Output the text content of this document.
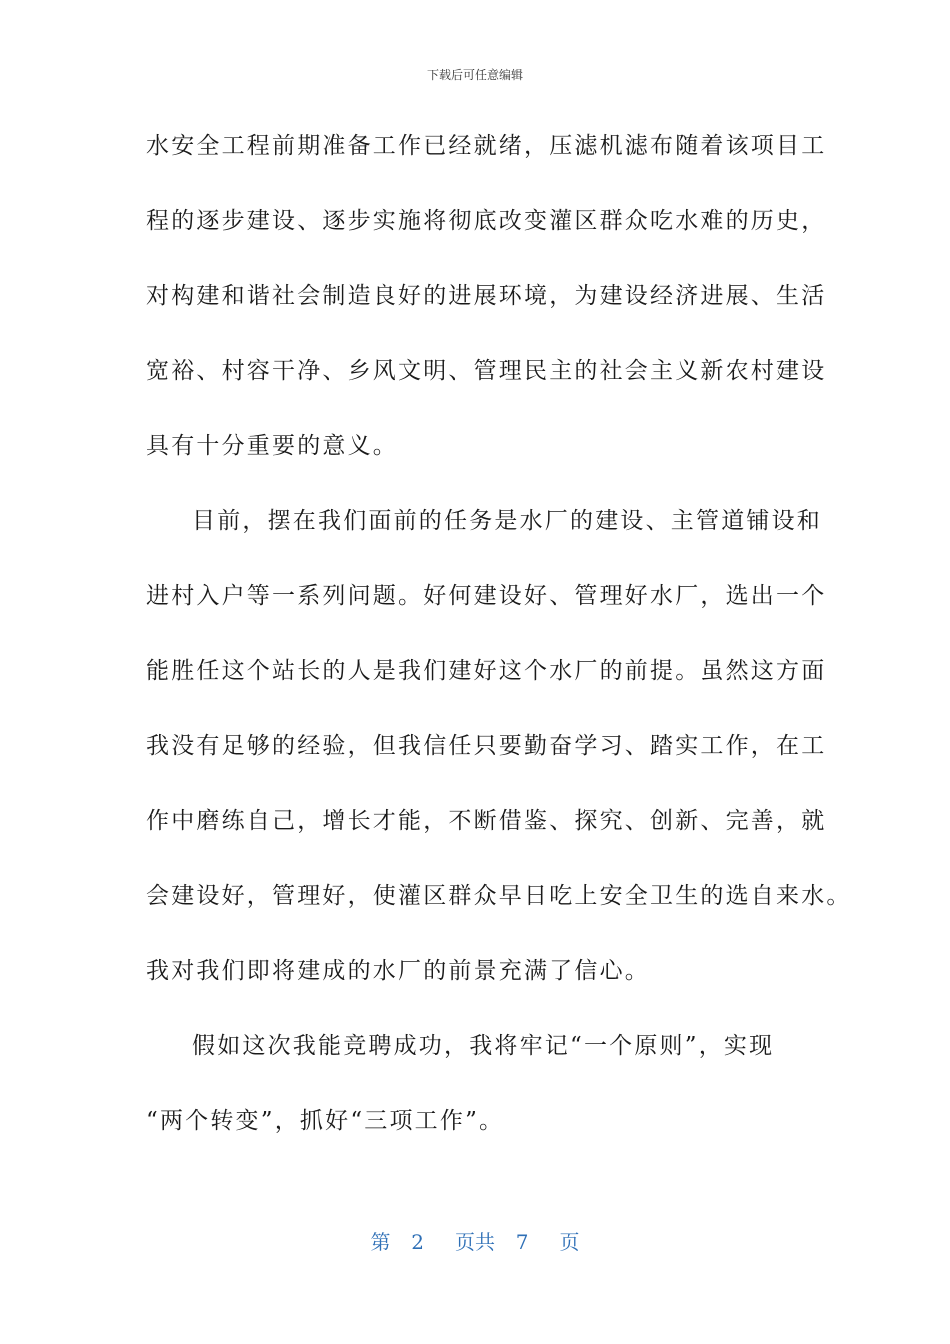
下载后可任意编辑
水安全工程前期准备工作已经就绪，压滤机滤布随着该项目工
程的逐步建设、逐步实施将彻底改变灌区群众吃水难的历史，
对构建和谐社会制造良好的进展环境，为建设经济进展、生活
宽裕、村容干净、乡风文明、管理民主的社会主义新农村建设
具有十分重要的意义。
目前，摆在我们面前的任务是水厂的建设、主管道铺设和
进村入户等一系列问题。好何建设好、管理好水厂，选出一个
能胜任这个站长的人是我们建好这个水厂的前提。虽然这方面
我没有足够的经验，但我信任只要勤奋学习、踏实工作，在工
作中磨练自己，增长才能，不断借鉴、探究、创新、完善，就
会建设好，管理好，使灌区群众早日吃上安全卫生的选自来水。
我对我们即将建成的水厂的前景充满了信心。
假如这次我能竞聘成功，我将牢记“一个原则”，实现
“两个转变”，抓好“三项工作”。
第  2   页共  7   页
